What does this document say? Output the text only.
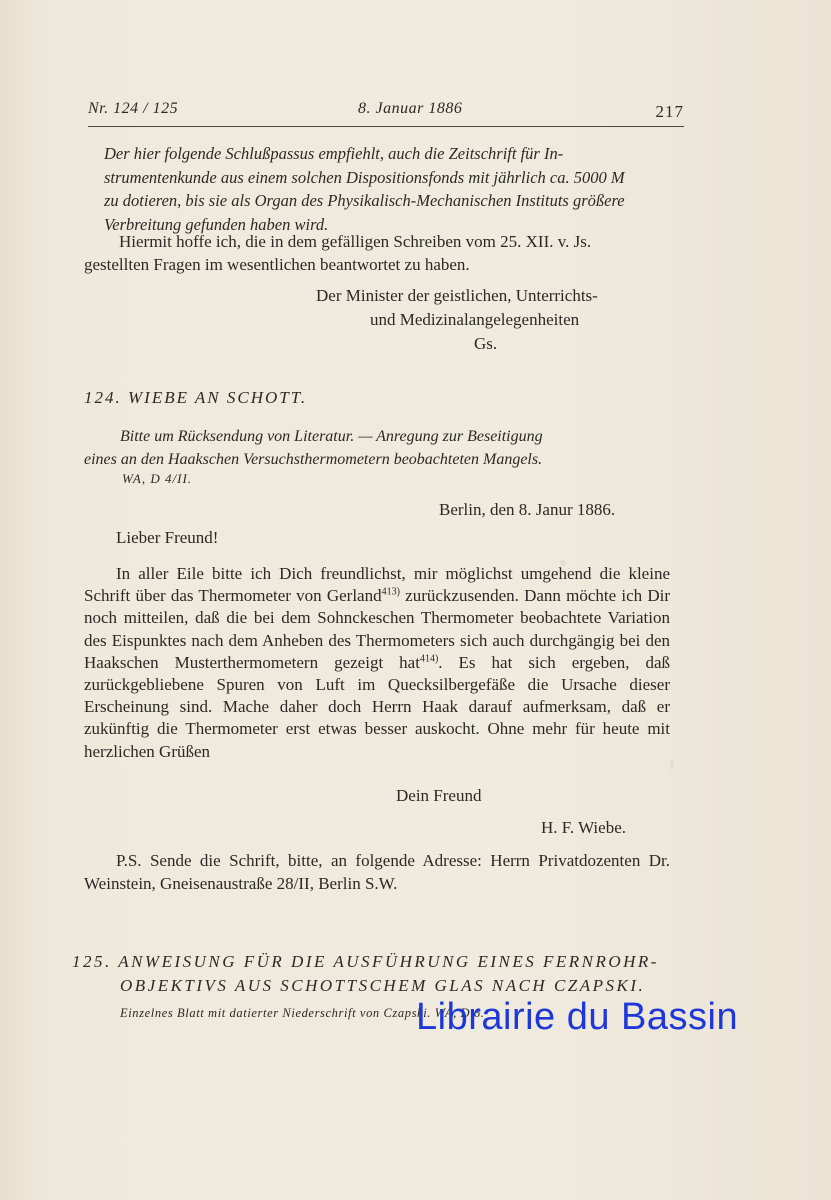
Nr. 124 / 125	8. Januar 1886	217
Der hier folgende Schlußpassus empfiehlt, auch die Zeitschrift für In-
strumentenkunde aus einem solchen Dispositionsfonds mit jährlich ca. 5000 M
zu dotieren, bis sie als Organ des Physikalisch-Mechanischen Instituts größere
Verbreitung gefunden haben wird.
Hiermit hoffe ich, die in dem gefälligen Schreiben vom 25. XII. v. Js.
gestellten Fragen im wesentlichen beantwortet zu haben.
Der Minister der geistlichen, Unterrichts-
und Medizinalangelegenheiten
Gs.
124. WIEBE AN SCHOTT.
Bitte um Rücksendung von Literatur. — Anregung zur Beseitigung
eines an den Haakschen Versuchsthermometern beobachteten Mangels.
WA, D 4/II.
Berlin, den 8. Janur 1886.
Lieber Freund!
In aller Eile bitte ich Dich freundlichst, mir möglichst umgehend die kleine Schrift über das Thermometer von Gerland$^{413)}$ zurückzusenden. Dann möchte ich Dir noch mitteilen, daß die bei dem Sohnckeschen Thermometer beobachtete Variation des Eispunktes nach dem Anheben des Thermometers sich auch durchgängig bei den Haakschen Musterthermometern gezeigt hat$^{414)}$. Es hat sich ergeben, daß zurückgebliebene Spuren von Luft im Quecksilbergefäße die Ursache dieser Erscheinung sind. Mache daher doch Herrn Haak darauf aufmerksam, daß er zukünftig die Thermometer erst etwas besser auskocht. Ohne mehr für heute mit herzlichen Grüßen
Dein Freund
H. F. Wiebe.
P.S. Sende die Schrift, bitte, an folgende Adresse: Herrn Privatdozenten Dr. Weinstein, Gneisenaustraße 28/II, Berlin S.W.
125. ANWEISUNG FÜR DIE AUSFÜHRUNG EINES FERNROHR-
OBJEKTIVS AUS SCHOTTSCHEM GLAS NACH CZAPSKI.
Einzelnes Blatt mit datierter Niederschrift von Czapski. WA, D 6.
Librairie du Bassin
